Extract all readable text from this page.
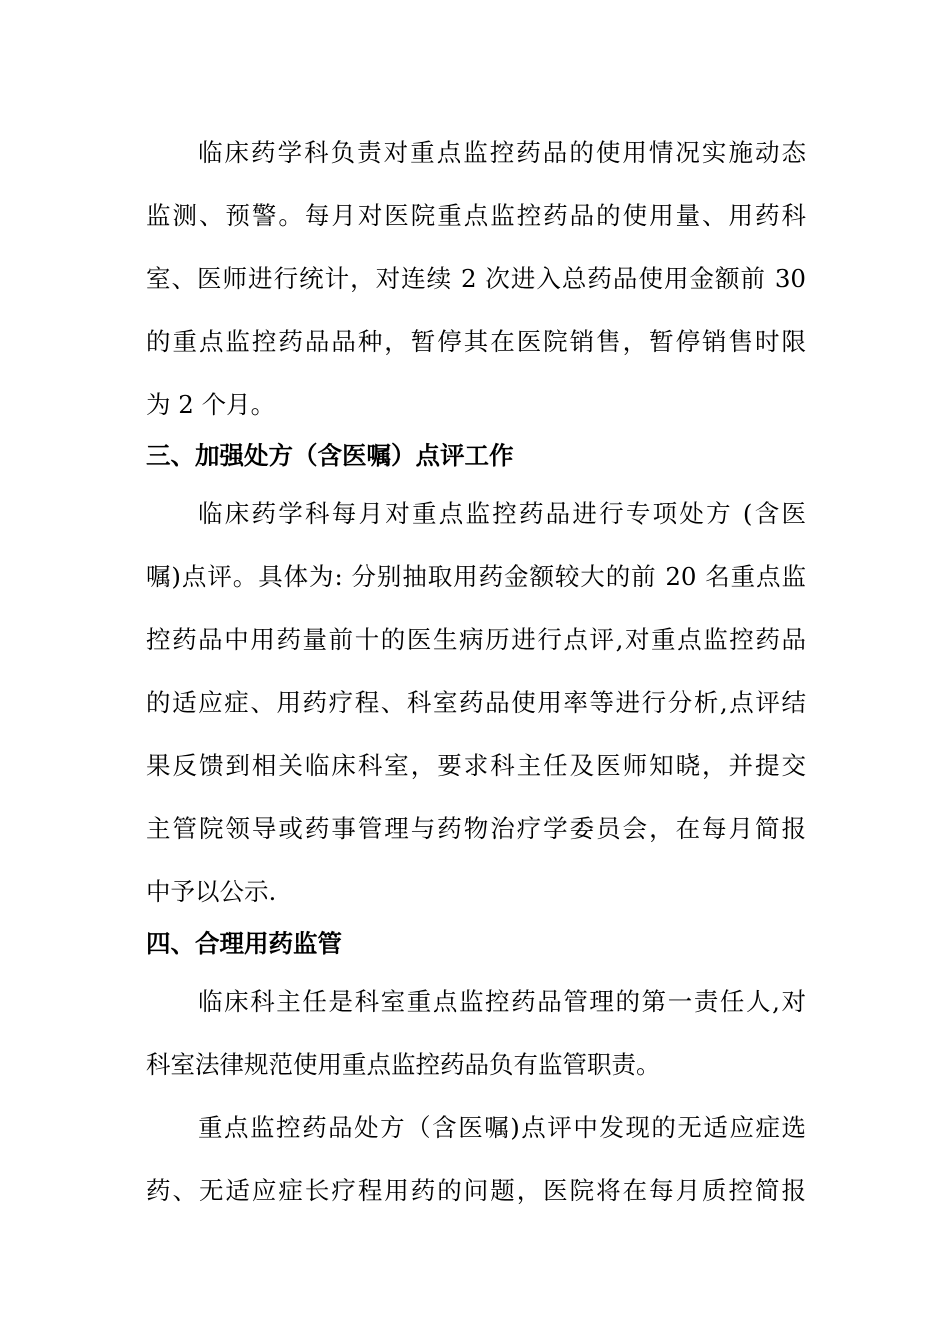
临床药学科负责对重点监控药品的使用情况实施动态
监测、预警。每月对医院重点监控药品的使用量、用药科
室、医师进行统计，对连续 2 次进入总药品使用金额前 30
的重点监控药品品种，暂停其在医院销售，暂停销售时限
为 2 个月。
三、加强处方（含医嘱）点评工作
临床药学科每月对重点监控药品进行专项处方 (含医
嘱)点评。具体为: 分别抽取用药金额较大的前 20 名重点监
控药品中用药量前十的医生病历进行点评,对重点监控药品
的适应症、用药疗程、科室药品使用率等进行分析,点评结
果反馈到相关临床科室，要求科主任及医师知晓，并提交
主管院领导或药事管理与药物治疗学委员会，在每月简报
中予以公示.
四、合理用药监管
临床科主任是科室重点监控药品管理的第一责任人,对
科室法律规范使用重点监控药品负有监管职责。
重点监控药品处方（含医嘱)点评中发现的无适应症选
药、无适应症长疗程用药的问题，医院将在每月质控简报
